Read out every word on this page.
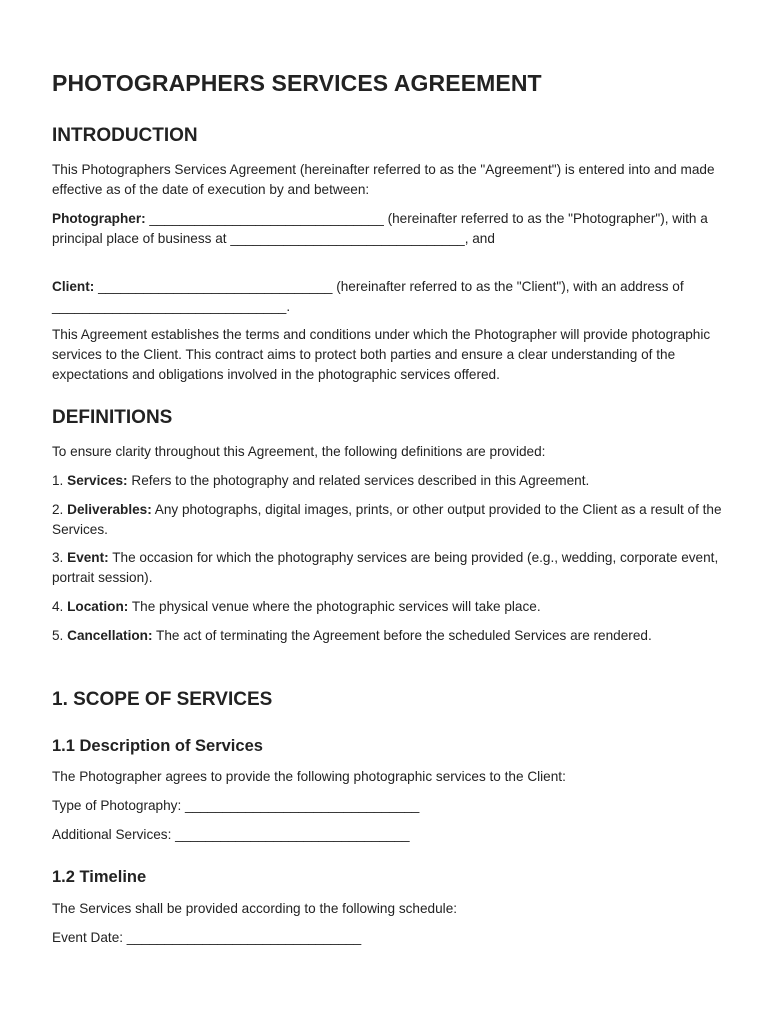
PHOTOGRAPHERS SERVICES AGREEMENT
INTRODUCTION

This Photographers Services Agreement (hereinafter referred to as the "Agreement") is entered into and made effective as of the date of execution by and between:

Photographer: _______________________________ (hereinafter referred to as the "Photographer"), with a principal place of business at _______________________________, and

Client: _______________________________ (hereinafter referred to as the "Client"), with an address of _______________________________.

This Agreement establishes the terms and conditions under which the Photographer will provide photographic services to the Client. This contract aims to protect both parties and ensure a clear understanding of the expectations and obligations involved in the photographic services offered.

DEFINITIONS

To ensure clarity throughout this Agreement, the following definitions are provided:

1. Services: Refers to the photography and related services described in this Agreement.

2. Deliverables: Any photographs, digital images, prints, or other output provided to the Client as a result of the Services.

3. Event: The occasion for which the photography services are being provided (e.g., wedding, corporate event, portrait session).

4. Location: The physical venue where the photographic services will take place.

5. Cancellation: The act of terminating the Agreement before the scheduled Services are rendered.

1. SCOPE OF SERVICES
1.1 Description of Services

The Photographer agrees to provide the following photographic services to the Client:

Type of Photography: _______________________________

Additional Services: _______________________________

1.2 Timeline

The Services shall be provided according to the following schedule:

Event Date: _______________________________
